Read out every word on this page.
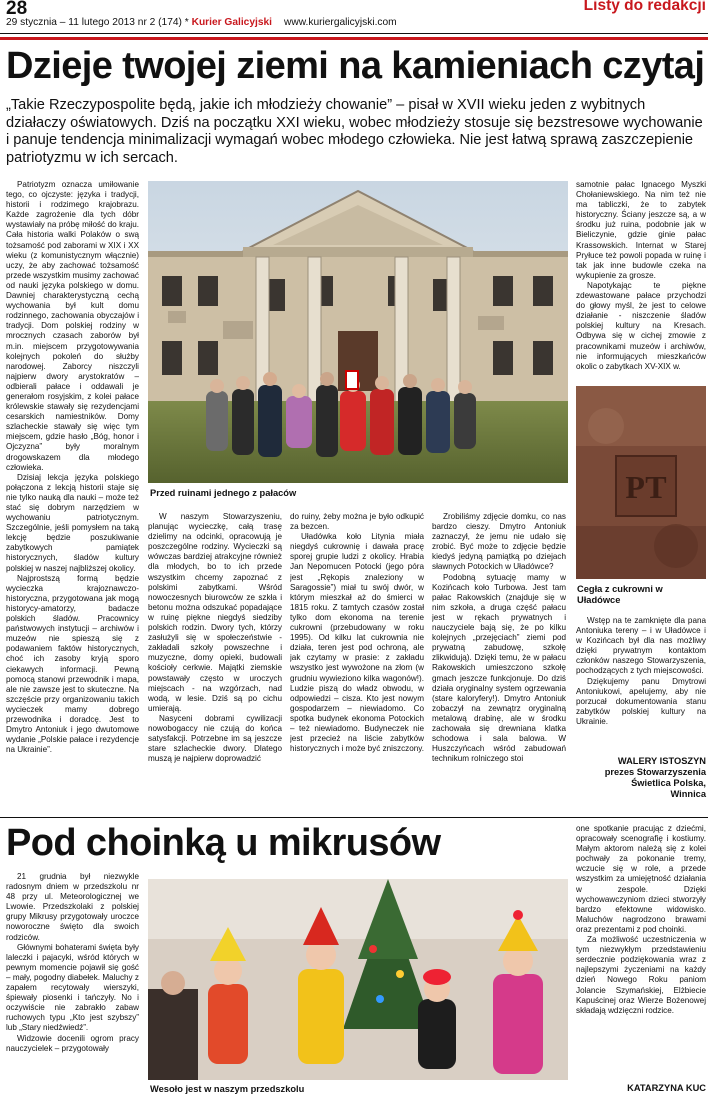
28	Listy do redakcji
29 stycznia – 11 lutego 2013 nr 2 (174) * Kurier Galicyjski www.kuriergalicyjski.com
Dzieje twojej ziemi na kamieniach czytaj

„Takie Rzeczypospolite będą, jakie ich młodzieży chowanie” – pisał w XVII wieku jeden z wybitnych działaczy oświatowych. Dziś na początku XXI wieku, wobec młodzieży stosuje się bezstresowe wychowanie i panuje tendencja minimalizacji wymagań wobec młodego człowieka. Nie jest łatwą sprawą zaszczepienie patriotyzmu w ich sercach.

Patriotyzm oznacza umiłowanie tego, co ojczyste: języka i tradycji, historii i rodzimego krajobrazu. Każde zagrożenie dla tych dóbr wystawiały na próbę miłość do kraju. Cała historia walki Polaków o swą tożsamość pod zaborami w XIX i XX wieku (z komunistycznym włącznie) uczy, że aby zachować tożsamość przede wszystkim musimy zachować od nauki języka polskiego w domu. Dawniej charakterystyczną cechą wychowania był kult domu rodzinnego, zachowania obyczajów i tradycji. Dom polskiej rodziny w mrocznych czasach zaborów był m.in. miejscem przygotowywania kolejnych pokoleń do służby narodowej. Zaborcy niszczyli najpierw dwory arystokratów – odbierali pałace i oddawali je generałom rosyjskim, z kolei pałace królewskie stawały się rezydencjami cesarskich namiestników. Domy szlacheckie stawały się więc tym miejscem, gdzie hasło „Bóg, honor i Ojczyzna” były moralnym drogowskazem dla młodego człowieka.

Dzisiaj lekcja języka polskiego połączona z lekcją historii staje się nie tylko nauką dla nauki – może też stać się dobrym narzędziem w wychowaniu patriotycznym. Szczególnie, jeśli pomysłem na taką lekcję będzie poszukiwanie zabytkowych pamiątek historycznych, śladów kultury polskiej w naszej najbliższej okolicy.

Najprostszą formą będzie wycieczka krajoznawczo-historyczna, przygotowana jak mogą historycy-amatorzy, badacze polskich śladów. Pracownicy państwowych instytucji – archiwów i muzeów nie spieszą się z podawaniem faktów historycznych, choć ich zasoby kryją sporo ciekawych informacji. Pewną pomocą stanowi przewodnik i mapa, ale nie zawsze jest to skuteczne. Na szczęście przy organizowaniu takich wycieczek mamy dobrego przewodnika i doradcę. Jest to Dmytro Antoniuk i jego dwutomowe wydanie „Polskie pałace i rezydencje na Ukrainie”.

Przed ruinami jednego z pałaców

W naszym Stowarzyszeniu, planując wycieczkę, całą trasę dzielimy na odcinki, opracowują je poszczególne rodziny. Wycieczki są wówczas bardziej atrakcyjne również dla młodych, bo to ich przede wszystkim chcemy zapoznać z polskimi zabytkami. Wśród nowoczesnych biurowców ze szkła i betonu można odszukać popadające w ruinę piękne niegdyś siedziby polskich rodzin. Dwory tych, którzy zasłużyli się w społeczeństwie - zakładali szkoły powszechne i muzyczne, domy opieki, budowali kościoły cerkwie. Majątki ziemskie powstawały często w uroczych miejscach - na wzgórzach, nad wodą, w lesie. Dziś są po cichu umierają.

Nasyceni dobrami cywilizacji nowobogaccy nie czują do końca satysfakcji. Potrzebne im są jeszcze stare szlacheckie dwory. Dlatego muszą je najpierw doprowadzić

do ruiny, żeby można je było odkupić za bezcen.

Uładówka koło Litynia miała niegdyś cukrownię i dawała pracę sporej grupie ludzi z okolicy. Hrabia Jan Nepomucen Potocki (jego póra jest „Rękopis znaleziony w Saragossie”) miał tu swój dwór, w którym mieszkał aż do śmierci w 1815 roku. Z tamtych czasów został tylko dom ekonoma na terenie cukrowni (przebudowany w roku 1995). Od kilku lat cukrownia nie działa, teren jest pod ochroną, ale jak czytamy w prasie: z zakładu wszystko jest wywożone na złom (w grudniu wywieziono kilka wagonów!). Ludzie piszą do władz obwodu, w odpowiedzi – cisza. Kto jest nowym gospodarzem – niewiadomo. Co spotka budynek ekonoma Potockich – też niewiadomo. Budyneczek nie jest przecież na liście zabytków historycznych i może być zniszczony.

Zrobiliśmy zdjęcie domku, co nas bardzo cieszy. Dmytro Antoniuk zaznaczył, że jemu nie udało się zrobić. Być może to zdjęcie będzie kiedyś jedyną pamiątką po dziejach sławnych Potockich w Uładówce?

Podobną sytuację mamy w Kozińcach koło Turbowa. Jest tam pałac Rakowskich (znajduje się w nim szkoła, a druga część pałacu jest w rękach prywatnych i nauczyciele bają się, że po kilku kolejnych „przejęciach” ziemi pod prywatną zabudowę, szkołę zlikwidują). Dzięki temu, że w pałacu Rakowskich umieszczono szkołę gmach jeszcze funkcjonuje. Do dziś działa oryginalny system ogrzewania (stare kaloryfery!). Dmytro Antoniuk zobaczył na zewnątrz oryginalną metalową drabinę, ale w środku zachowała się drewniana klatka schodowa i sala balowa. W Huszczyńcach wśród zabudowań technikum rolniczego stoi

samotnie pałac Ignacego Myszki Chołaniewskiego. Na nim też nie ma tabliczki, że to zabytek historyczny. Ściany jeszcze są, a w środku już ruina, podobnie jak w Bieliczynie, gdzie ginie pałac Krassowskich. Internat w Starej Pryłuce też powoli popada w ruinę i tak jak inne budowle czeka na wykupienie za grosze.

Napotykając te piękne zdewastowane pałace przychodzi do głowy myśl, że jest to celowe działanie - niszczenie śladów polskiej kultury na Kresach. Odbywa się w cichej zmowie z pracownikami muzeów i archiwów, nie informujących mieszkańców okolic o zabytkach XV-XIX w.

РТ

Cegła z cukrowni w Uładówce

Wstęp na te zamknięte dla pana Antoniuka tereny – i w Uładówce i w Kozińcach był dla nas możliwy dzięki prywatnym kontaktom członków naszego Stowarzyszenia, pochodzących z tych miejscowości.

Dziękujemy panu Dmytrowi Antoniukowi, apelujemy, aby nie porzucał dokumentowania stanu zabytków polskiej kultury na Ukrainie.

WALERY ISTOSZYN
prezes Stowarzyszenia
Świetlica Polska,
Winnica
Pod choinką u mikrusów

21 grudnia był niezwykle radosnym dniem w przedszkolu nr 48 przy ul. Meteorologicznej we Lwowie. Przedszkolaki z polskiej grupy Mikrusy przygotowały uroczce noworoczne święto dla swoich rodziców.

Głównymi bohaterami święta były laleczki i pajacyki, wśród których w pewnym momencie pojawił się gość – mały, pogodny diabełek. Maluchy z zapałem recytowały wierszyki, śpiewały piosenki i tańczyły. No i oczywiście nie zabrakło zabaw ruchowych typu „Kto jest szybszy” lub „Stary niedźwiedź”.

Widzowie docenili ogrom pracy nauczycielek – przygotowały

Wesoło jest w naszym przedszkolu

one spotkanie pracując z dziećmi, opracowały scenografię i kostiumy. Małym aktorom należą się z kolei pochwały za pokonanie tremy, wczucie się w role, a przede wszystkim za umiejętność działania w zespole. Dzięki wychowawczyniom dzieci stworzyły bardzo efektowne widowisko. Maluchów nagrodzono brawami oraz prezentami z pod choinki.

Za możliwość uczestniczenia w tym niezwykłym przedstawieniu serdecznie podziękowania wraz z najlepszymi życzeniami na każdy dzień Nowego Roku paniom Jolancie Szymańskiej, Elżbiecie Kapuścinej oraz Wierze Bożenowej składają wdzięczni rodzice.

KATARZYNA KUC
